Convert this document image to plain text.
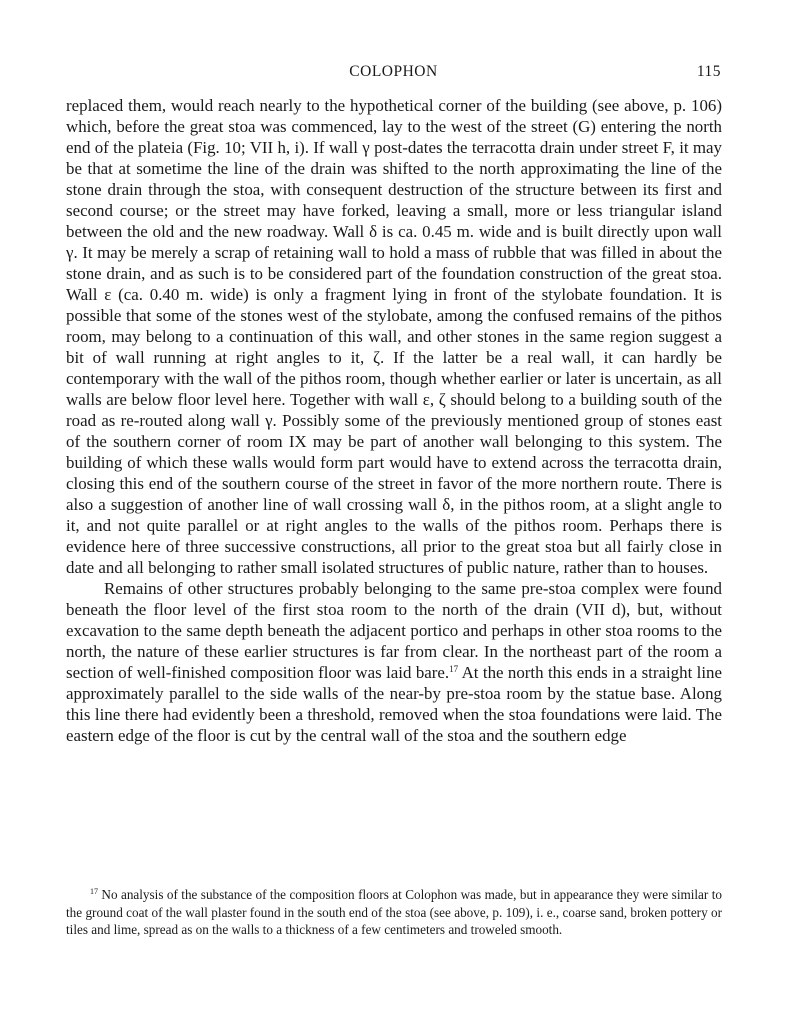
COLOPHON	115

replaced them, would reach nearly to the hypothetical corner of the building (see above, p. 106) which, before the great stoa was commenced, lay to the west of the street (G) entering the north end of the plateia (Fig. 10; VII h, i). If wall γ post-dates the terracotta drain under street F, it may be that at sometime the line of the drain was shifted to the north approximating the line of the stone drain through the stoa, with consequent destruction of the structure between its first and second course; or the street may have forked, leaving a small, more or less triangular island between the old and the new roadway. Wall δ is ca. 0.45 m. wide and is built directly upon wall γ. It may be merely a scrap of retaining wall to hold a mass of rubble that was filled in about the stone drain, and as such is to be considered part of the foundation construction of the great stoa. Wall ε (ca. 0.40 m. wide) is only a fragment lying in front of the stylobate foundation. It is possible that some of the stones west of the stylobate, among the confused remains of the pithos room, may belong to a continuation of this wall, and other stones in the same region suggest a bit of wall running at right angles to it, ζ. If the latter be a real wall, it can hardly be contemporary with the wall of the pithos room, though whether earlier or later is uncertain, as all walls are below floor level here. Together with wall ε, ζ should belong to a building south of the road as re-routed along wall γ. Possibly some of the previously mentioned group of stones east of the southern corner of room IX may be part of another wall belonging to this system. The building of which these walls would form part would have to extend across the terracotta drain, closing this end of the southern course of the street in favor of the more northern route. There is also a suggestion of another line of wall crossing wall δ, in the pithos room, at a slight angle to it, and not quite parallel or at right angles to the walls of the pithos room. Perhaps there is evidence here of three successive constructions, all prior to the great stoa but all fairly close in date and all belonging to rather small isolated structures of public nature, rather than to houses.

Remains of other structures probably belonging to the same pre-stoa complex were found beneath the floor level of the first stoa room to the north of the drain (VII d), but, without excavation to the same depth beneath the adjacent portico and perhaps in other stoa rooms to the north, the nature of these earlier structures is far from clear. In the northeast part of the room a section of well-finished composition floor was laid bare.$^{17}$ At the north this ends in a straight line approximately parallel to the side walls of the near-by pre-stoa room by the statue base. Along this line there had evidently been a threshold, removed when the stoa foundations were laid. The eastern edge of the floor is cut by the central wall of the stoa and the southern edge

$^{17}$ No analysis of the substance of the composition floors at Colophon was made, but in appearance they were similar to the ground coat of the wall plaster found in the south end of the stoa (see above, p. 109), i. e., coarse sand, broken pottery or tiles and lime, spread as on the walls to a thickness of a few centimeters and troweled smooth.
